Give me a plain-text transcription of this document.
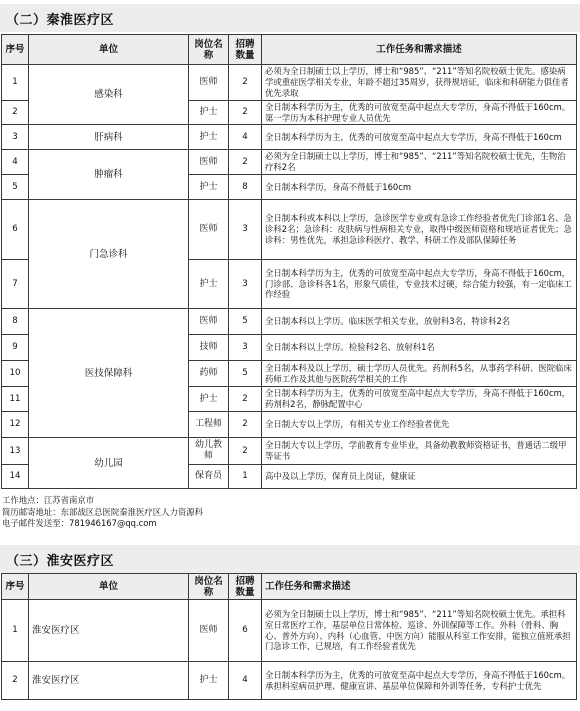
（二）秦淮医疗区
序号	单位	岗位名称	招聘数量	工作任务和需求描述
1	感染科	医师	2	必须为全日制硕士以上学历，博士和“985”、“211”等知名院校硕士优先。感染病学或重症医学相关专业，年龄不超过35周岁，获得规培证，临床和科研能力俱佳者优先录取
2		护士	2	全日制本科学历为主，优秀的可放宽至高中起点大专学历，身高不得低于160cm。第一学历为本科护理专业人员优先
3	肝病科	护士	4	全日制本科学历为主，优秀的可放宽至高中起点大专学历，身高不得低于160cm
4	肿瘤科	医师	2	必须为全日制硕士以上学历，博士和“985”、“211”等知名院校硕士优先，生物治疗科2名
5		护士	8	全日制本科学历，身高不得低于160cm
6	门急诊科	医师	3	全日制本科或本科以上学历，急诊医学专业或有急诊工作经验者优先门诊部1名、急诊科2名；急诊科：皮肤病与性病相关专业，取得中级医师资格和规培证者优先；急诊科：男性优先，承担急诊科医疗、教学、科研工作及部队保障任务
7		护士	3	全日制本科学历为主，优秀的可放宽至高中起点大专学历，身高不得低于160cm，门诊部、急诊科各1名，形象气质佳，专业技术过硬，综合能力较强，有一定临床工作经验
8	医技保障科	医师	5	全日制本科以上学历。临床医学相关专业，放射科3名，特诊科2名
9		技师	3	全日制本科以上学历。检验科2名、放射科1名
10		药师	5	全日制本科及以上学历，硕士学历人员优先。药剂科5名，从事药学科研、医院临床药师工作及其他与医院药学相关的工作
11		护士	2	全日制本科学历为主，优秀的可放宽至高中起点大专学历，身高不得低于160cm，药剂科2名，静脉配置中心
12		工程师	2	全日制大专以上学历，有相关专业工作经验者优先
13	幼儿园	幼儿教师	2	全日制大专以上学历，学前教育专业毕业，具备幼教教师资格证书，普通话二级甲等证书
14		保育员	1	高中及以上学历，保育员上岗证，健康证
工作地点：江苏省南京市
简历邮寄地址：东部战区总医院秦淮医疗区人力资源科
电子邮件发送至：781946167@qq.com
（三）淮安医疗区
序号	单位	岗位名称	招聘数量	工作任务和需求描述
1	淮安医疗区	医师	6	必须为全日制硕士以上学历，博士和“985”、“211”等知名院校硕士优先。承担科室日常医疗工作，基层单位日常体检、巡诊、外训保障等工作。外科（骨科、胸心、普外方向）、内科（心血管、中医方向）能服从科室工作安排，能独立值班承担门急诊工作，已规培，有工作经验者优先
2	淮安医疗区	护士	4	全日制本科学历为主，优秀的可放宽至高中起点大专学历，身高不得低于160cm。承担科室病员护理、健康宣讲、基层单位保障和外训等任务，专科护士优先
